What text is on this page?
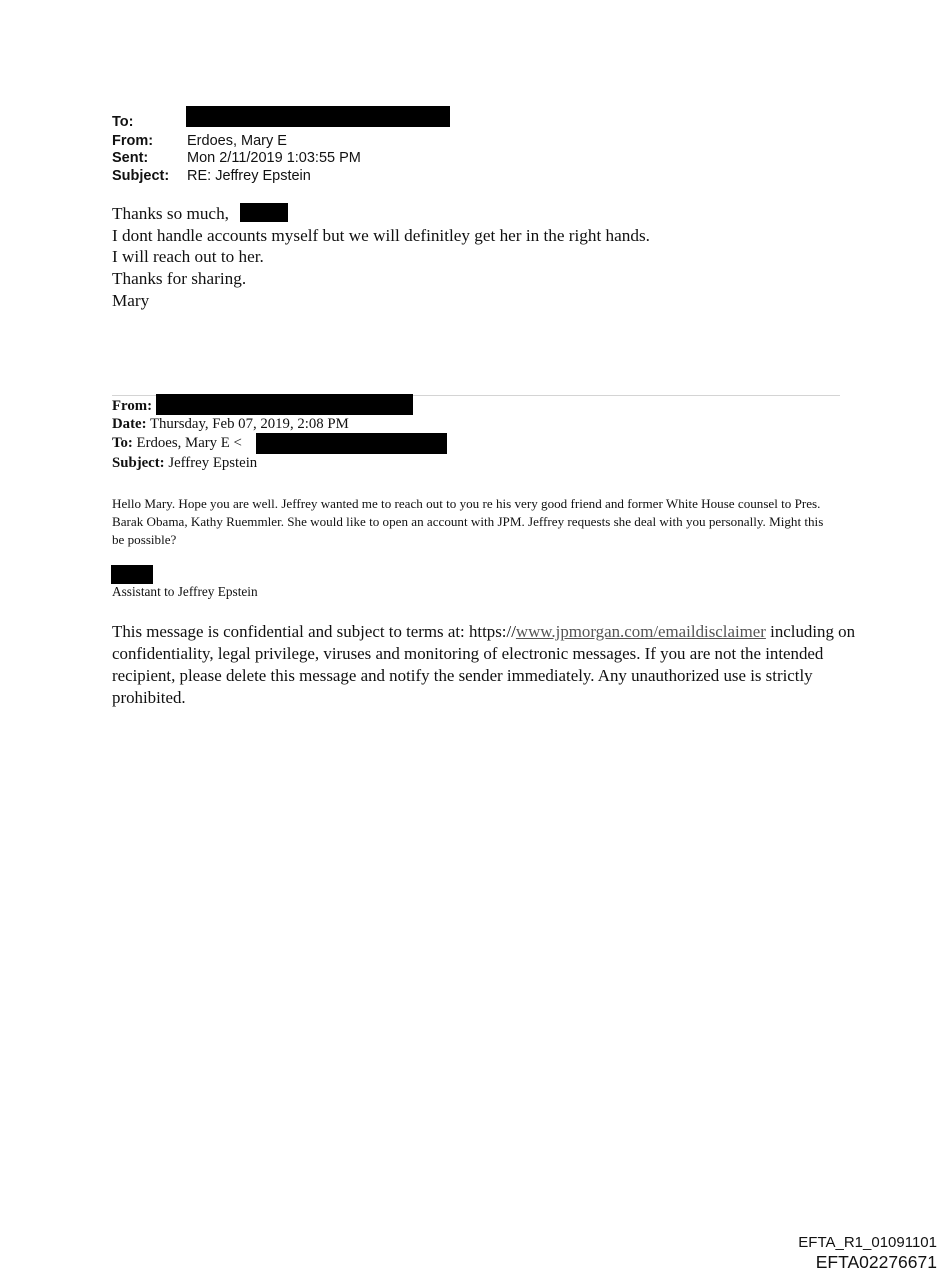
To:
From: Erdoes, Mary E
Sent:	Mon 2/11/2019 1:03:55 PM
Subject: RE: Jeffrey Epstein
Thanks so much,
I dont handle accounts myself but we will definitley get her in the right hands.
I will reach out to her.
Thanks for sharing.
Mary
From:
Date: Thursday, Feb 07, 2019, 2:08 PM
To: Erdoes, Mary E <
Subject: Jeffrey Epstein
Hello Mary. Hope you are well. Jeffrey wanted me to reach out to you re his very good friend and former White House counsel to Pres. Barak Obama, Kathy Ruemmler. She would like to open an account with JPM. Jeffrey requests she deal with you personally. Might this be possible?
Assistant to Jeffrey Epstein
This message is confidential and subject to terms at: https://www.jpmorgan.com/emaildisclaimer including on confidentiality, legal privilege, viruses and monitoring of electronic messages. If you are not the intended recipient, please delete this message and notify the sender immediately. Any unauthorized use is strictly prohibited.
EFTA_R1_01091101
EFTA02276671
